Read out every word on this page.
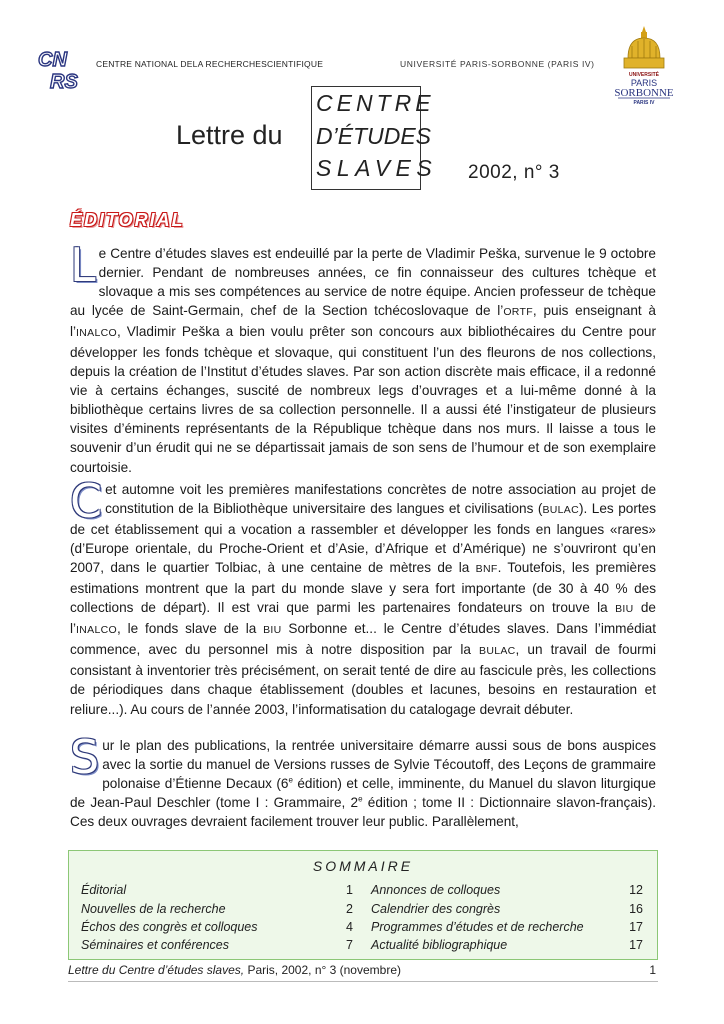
CN
RS
CENTRE NATIONAL DELA RECHERCHESCIENTIFIQUE	UNIVERSITÉ PARIS-SORBONNE (PARIS IV)
UNIVERSITÉ
PARIS
SORBONNE
PARIS IV
Lettre du
CENTRE
D’ÉTUDES
SLAVES 2002, n° 3
ÉDITORIAL
Le Centre d’études slaves est endeuillé par la perte de Vladimir Peška, survenue le 9 octobre dernier. Pendant de nombreuses années, ce fin connaisseur des cultures tchèque et slovaque a mis ses compétences au service de notre équipe. Ancien professeur de tchèque au lycée de Saint-Germain, chef de la Section tchécoslovaque de l’ORTF, puis enseignant à l’INALCO, Vladimir Peška a bien voulu prêter son concours aux bibliothécaires du Centre pour développer les fonds tchèque et slovaque, qui constituent l’un des fleurons de nos collections, depuis la création de l’Institut d’études slaves. Par son action discrète mais efficace, il a redonné vie à certains échanges, suscité de nombreux legs d’ouvrages et a lui-même donné à la bibliothèque certains livres de sa collection personnelle. Il a aussi été l’instigateur de plusieurs visites d’éminents représentants de la République tchèque dans nos murs. Il laisse a tous le souvenir d’un érudit qui ne se départissait jamais de son sens de l’humour et de son exemplaire courtoisie.
Cet automne voit les premières manifestations concrètes de notre association au projet de constitution de la Bibliothèque universitaire des langues et civilisations (BULAC). Les portes de cet établissement qui a vocation a rassembler et développer les fonds en langues «rares» (d’Europe orientale, du Proche-Orient et d’Asie, d’Afrique et d’Amérique) ne s’ouvriront qu’en 2007, dans le quartier Tolbiac, à une centaine de mètres de la BNF. Toutefois, les premières estimations montrent que la part du monde slave y sera fort importante (de 30 à 40 % des collections de départ). Il est vrai que parmi les partenaires fondateurs on trouve la BIU de l’INALCO, le fonds slave de la BIU Sorbonne et... le Centre d’études slaves. Dans l’immédiat commence, avec du personnel mis à notre disposition par la BULAC, un travail de fourmi consistant à inventorier très précisément, on serait tenté de dire au fascicule près, les collections de périodiques dans chaque établissement (doubles et lacunes, besoins en restauration et reliure...). Au cours de l’année 2003, l’informatisation du catalogage devrait débuter.
Sur le plan des publications, la rentrée universitaire démarre aussi sous de bons auspices avec la sortie du manuel de Versions russes de Sylvie Técoutoff, des Leçons de grammaire polonaise d’Étienne Decaux (6e édition) et celle, imminente, du Manuel du slavon liturgique de Jean-Paul Deschler (tome I : Grammaire, 2e édition ; tome II : Dictionnaire slavon-français). Ces deux ouvrages devraient facilement trouver leur public. Parallèlement,
SOMMAIRE
Éditorial	1
Nouvelles de la recherche	2
Échos des congrès et colloques	4
Séminaires et conférences	7
Annonces de colloques	12
Calendrier des congrès	16
Programmes d’études et de recherche	17
Actualité bibliographique	17
Lettre du Centre d’études slaves, Paris, 2002, n° 3 (novembre)	1
